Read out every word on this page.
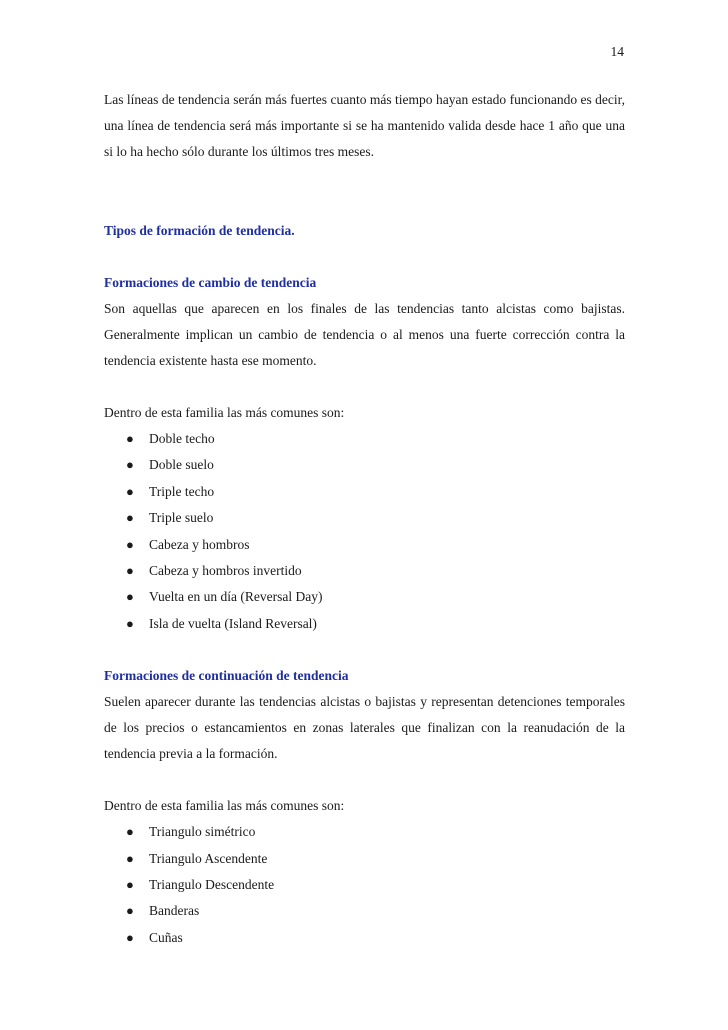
14

Las líneas de tendencia serán más fuertes cuanto más tiempo hayan estado funcionando es decir, una línea de tendencia será más importante si se ha mantenido valida desde hace 1 año que una si lo ha hecho sólo durante los últimos tres meses.

Tipos de formación de tendencia.

Formaciones de cambio de tendencia

Son aquellas que aparecen en los finales de las tendencias tanto alcistas como bajistas. Generalmente implican un cambio de tendencia o al menos una fuerte corrección contra la tendencia existente hasta ese momento.

Dentro de esta familia las más comunes son:

● Doble techo
● Doble suelo
● Triple techo
● Triple suelo
● Cabeza y hombros
● Cabeza y hombros invertido
● Vuelta en un día (Reversal Day)
● Isla de vuelta (Island Reversal)

Formaciones de continuación de tendencia

Suelen aparecer durante las tendencias alcistas o bajistas y representan detenciones temporales de los precios o estancamientos en zonas laterales que finalizan con la reanudación de la tendencia previa a la formación.

Dentro de esta familia las más comunes son:

● Triangulo simétrico
● Triangulo Ascendente
● Triangulo Descendente
● Banderas
● Cuñas
